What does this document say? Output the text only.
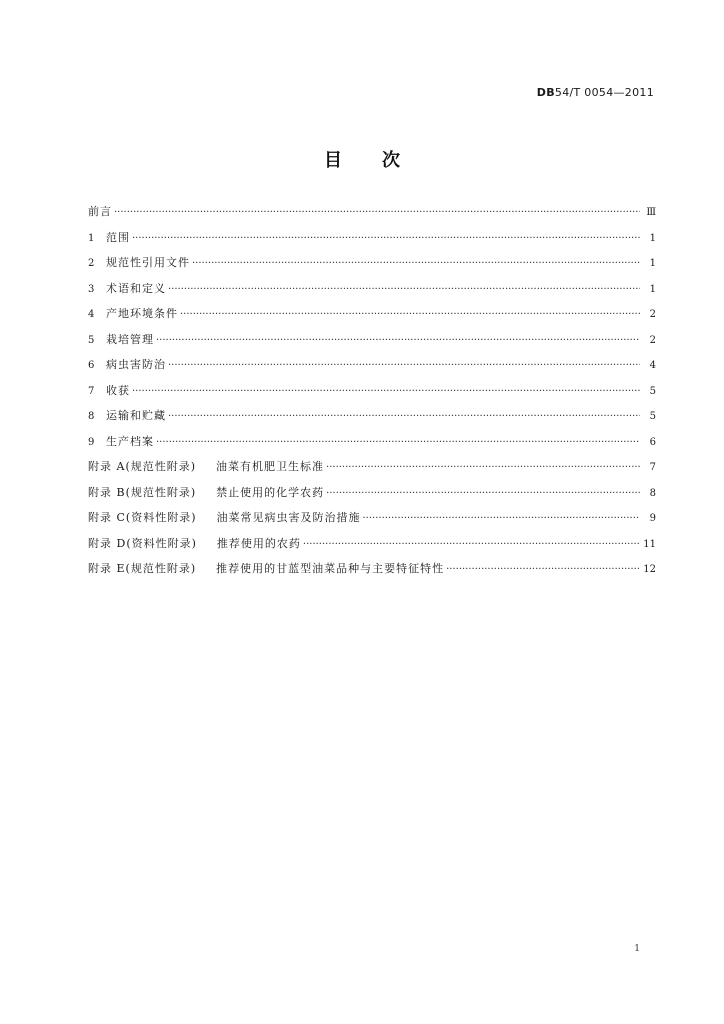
DB54/T 0054—2011
目次
前言 ·····	Ⅲ
1	范围 ·····	1
2	规范性引用文件 ·····	1
3	术语和定义 ·····	1
4	产地环境条件 ·····	2
5	栽培管理 ·····	2
6	病虫害防治 ·····	4
7	收获 ·····	5
8	运输和贮藏 ·····	5
9	生产档案 ·····	6
附录 A(规范性附录) 油菜有机肥卫生标准 ·····	7
附录 B(规范性附录) 禁止使用的化学农药 ·····	8
附录 C(资料性附录) 油菜常见病虫害及防治措施 ·····	9
附录 D(资料性附录) 推荐使用的农药 ·····	11
附录 E(规范性附录) 推荐使用的甘蓝型油菜品种与主要特征特性 ·····	12
1
